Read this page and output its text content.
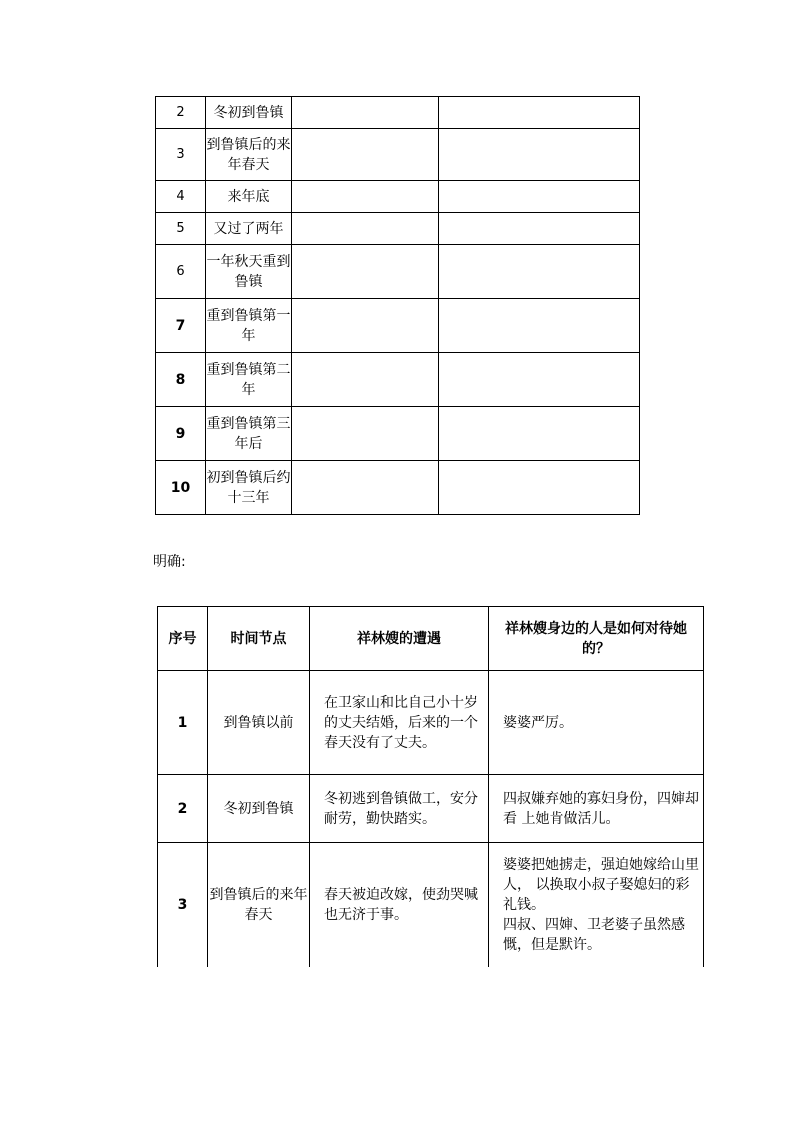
2	冬初到鲁镇		
3	到鲁镇后的来 年春天		
4	来年底		
5	又过了两年		
6	一年秋天重到 鲁镇		
7	重到鲁镇第一 年		
8	重到鲁镇第二 年		
9	重到鲁镇第三 年后		
10	初到鲁镇后约 十三年		
明确:
序号	时间节点	祥林嫂的遭遇	祥林嫂身边的人是如何对待她的？
1	到鲁镇以前	在卫家山和比自己小十岁的丈夫结婚，后来的一个春天没有了丈夫。	婆婆严厉。

2	冬初到鲁镇	冬初逃到鲁镇做工，安分耐劳，勤快踏实。	四叔嫌弃她的寡妇身份，四婶却看 上她肯做活儿。

3	到鲁镇后的来年春天	春天被迫改嫁，使劲哭喊 也无济于事。	婆婆把她掳走，强迫她嫁给山里人， 以换取小叔子娶媳妇的彩礼钱。
四叔、四婶、卫老婆子虽然感慨，但是默许。
